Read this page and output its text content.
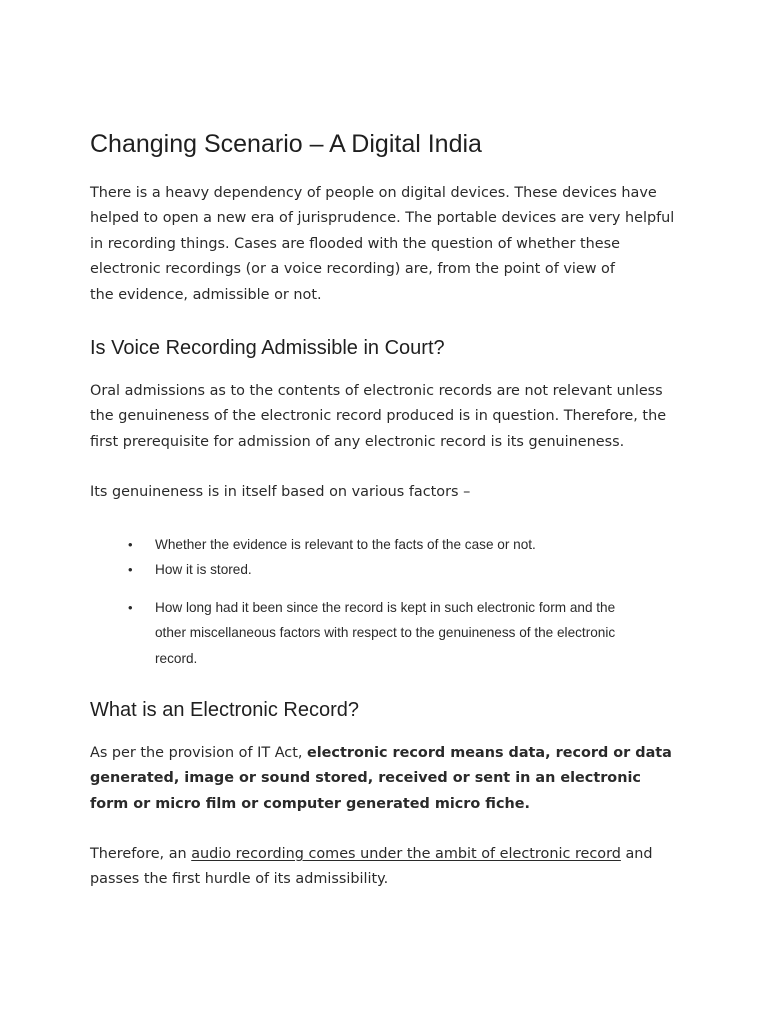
Changing Scenario – A Digital India

There is a heavy dependency of people on digital devices. These devices have
helped to open a new era of jurisprudence. The portable devices are very helpful
in recording things. Cases are flooded with the question of whether these
electronic recordings (or a voice recording) are, from the point of view of
the evidence, admissible or not.

Is Voice Recording Admissible in Court?

Oral admissions as to the contents of electronic records are not relevant unless
the genuineness of the electronic record produced is in question. Therefore, the
first prerequisite for admission of any electronic record is its genuineness.

Its genuineness is in itself based on various factors –

• Whether the evidence is relevant to the facts of the case or not.
• How it is stored.
• How long had it been since the record is kept in such electronic form and the
other miscellaneous factors with respect to the genuineness of the electronic
record.
What is an Electronic Record?

As per the provision of IT Act, electronic record means data, record or data
generated, image or sound stored, received or sent in an electronic
form or micro film or computer generated micro fiche.

Therefore, an audio recording comes under the ambit of electronic record and
passes the first hurdle of its admissibility.
